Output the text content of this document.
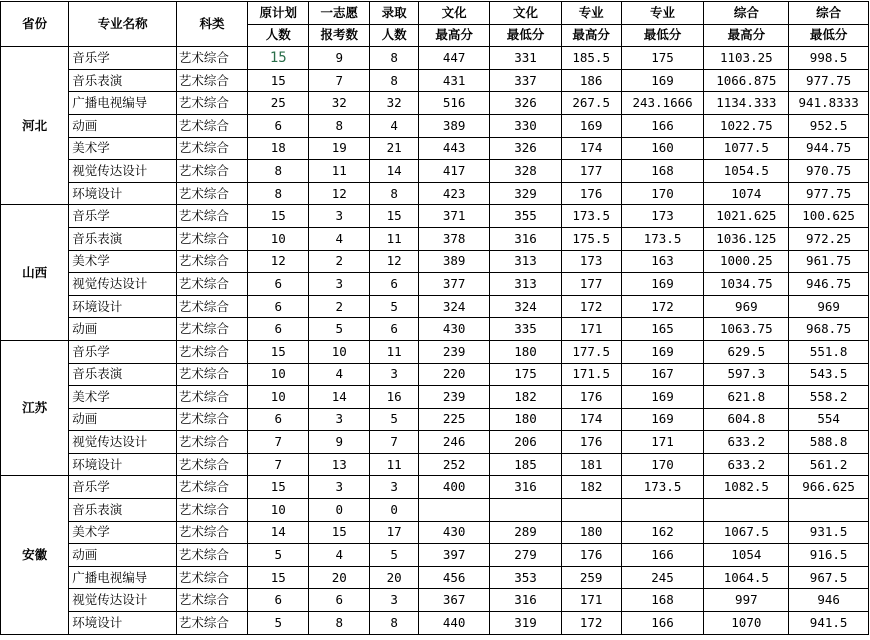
省份	专业名称	科类	原计划	一志愿	录取	文化	文化	专业	专业	综合	综合
			人数	报考数	人数	最高分	最低分	最高分	最低分	最高分	最低分
河北	音乐学	艺术综合	15	9	8	447	331	185.5	175	1103.25	998.5
	音乐表演	艺术综合	15	7	8	431	337	186	169	1066.875	977.75
	广播电视编导	艺术综合	25	32	32	516	326	267.5	243.1666	1134.333	941.8333
	动画	艺术综合	6	8	4	389	330	169	166	1022.75	952.5
	美术学	艺术综合	18	19	21	443	326	174	160	1077.5	944.75
	视觉传达设计	艺术综合	8	11	14	417	328	177	168	1054.5	970.75
	环境设计	艺术综合	8	12	8	423	329	176	170	1074	977.75
山西	音乐学	艺术综合	15	3	15	371	355	173.5	173	1021.625	100.625
	音乐表演	艺术综合	10	4	11	378	316	175.5	173.5	1036.125	972.25
	美术学	艺术综合	12	2	12	389	313	173	163	1000.25	961.75
	视觉传达设计	艺术综合	6	3	6	377	313	177	169	1034.75	946.75
	环境设计	艺术综合	6	2	5	324	324	172	172	969	969
	动画	艺术综合	6	5	6	430	335	171	165	1063.75	968.75
江苏	音乐学	艺术综合	15	10	11	239	180	177.5	169	629.5	551.8
	音乐表演	艺术综合	10	4	3	220	175	171.5	167	597.3	543.5
	美术学	艺术综合	10	14	16	239	182	176	169	621.8	558.2
	动画	艺术综合	6	3	5	225	180	174	169	604.8	554
	视觉传达设计	艺术综合	7	9	7	246	206	176	171	633.2	588.8
	环境设计	艺术综合	7	13	11	252	185	181	170	633.2	561.2
安徽	音乐学	艺术综合	15	3	3	400	316	182	173.5	1082.5	966.625
	音乐表演	艺术综合	10	0	0						
	美术学	艺术综合	14	15	17	430	289	180	162	1067.5	931.5
	动画	艺术综合	5	4	5	397	279	176	166	1054	916.5
	广播电视编导	艺术综合	15	20	20	456	353	259	245	1064.5	967.5
	视觉传达设计	艺术综合	6	6	3	367	316	171	168	997	946
	环境设计	艺术综合	5	8	8	440	319	172	166	1070	941.5
